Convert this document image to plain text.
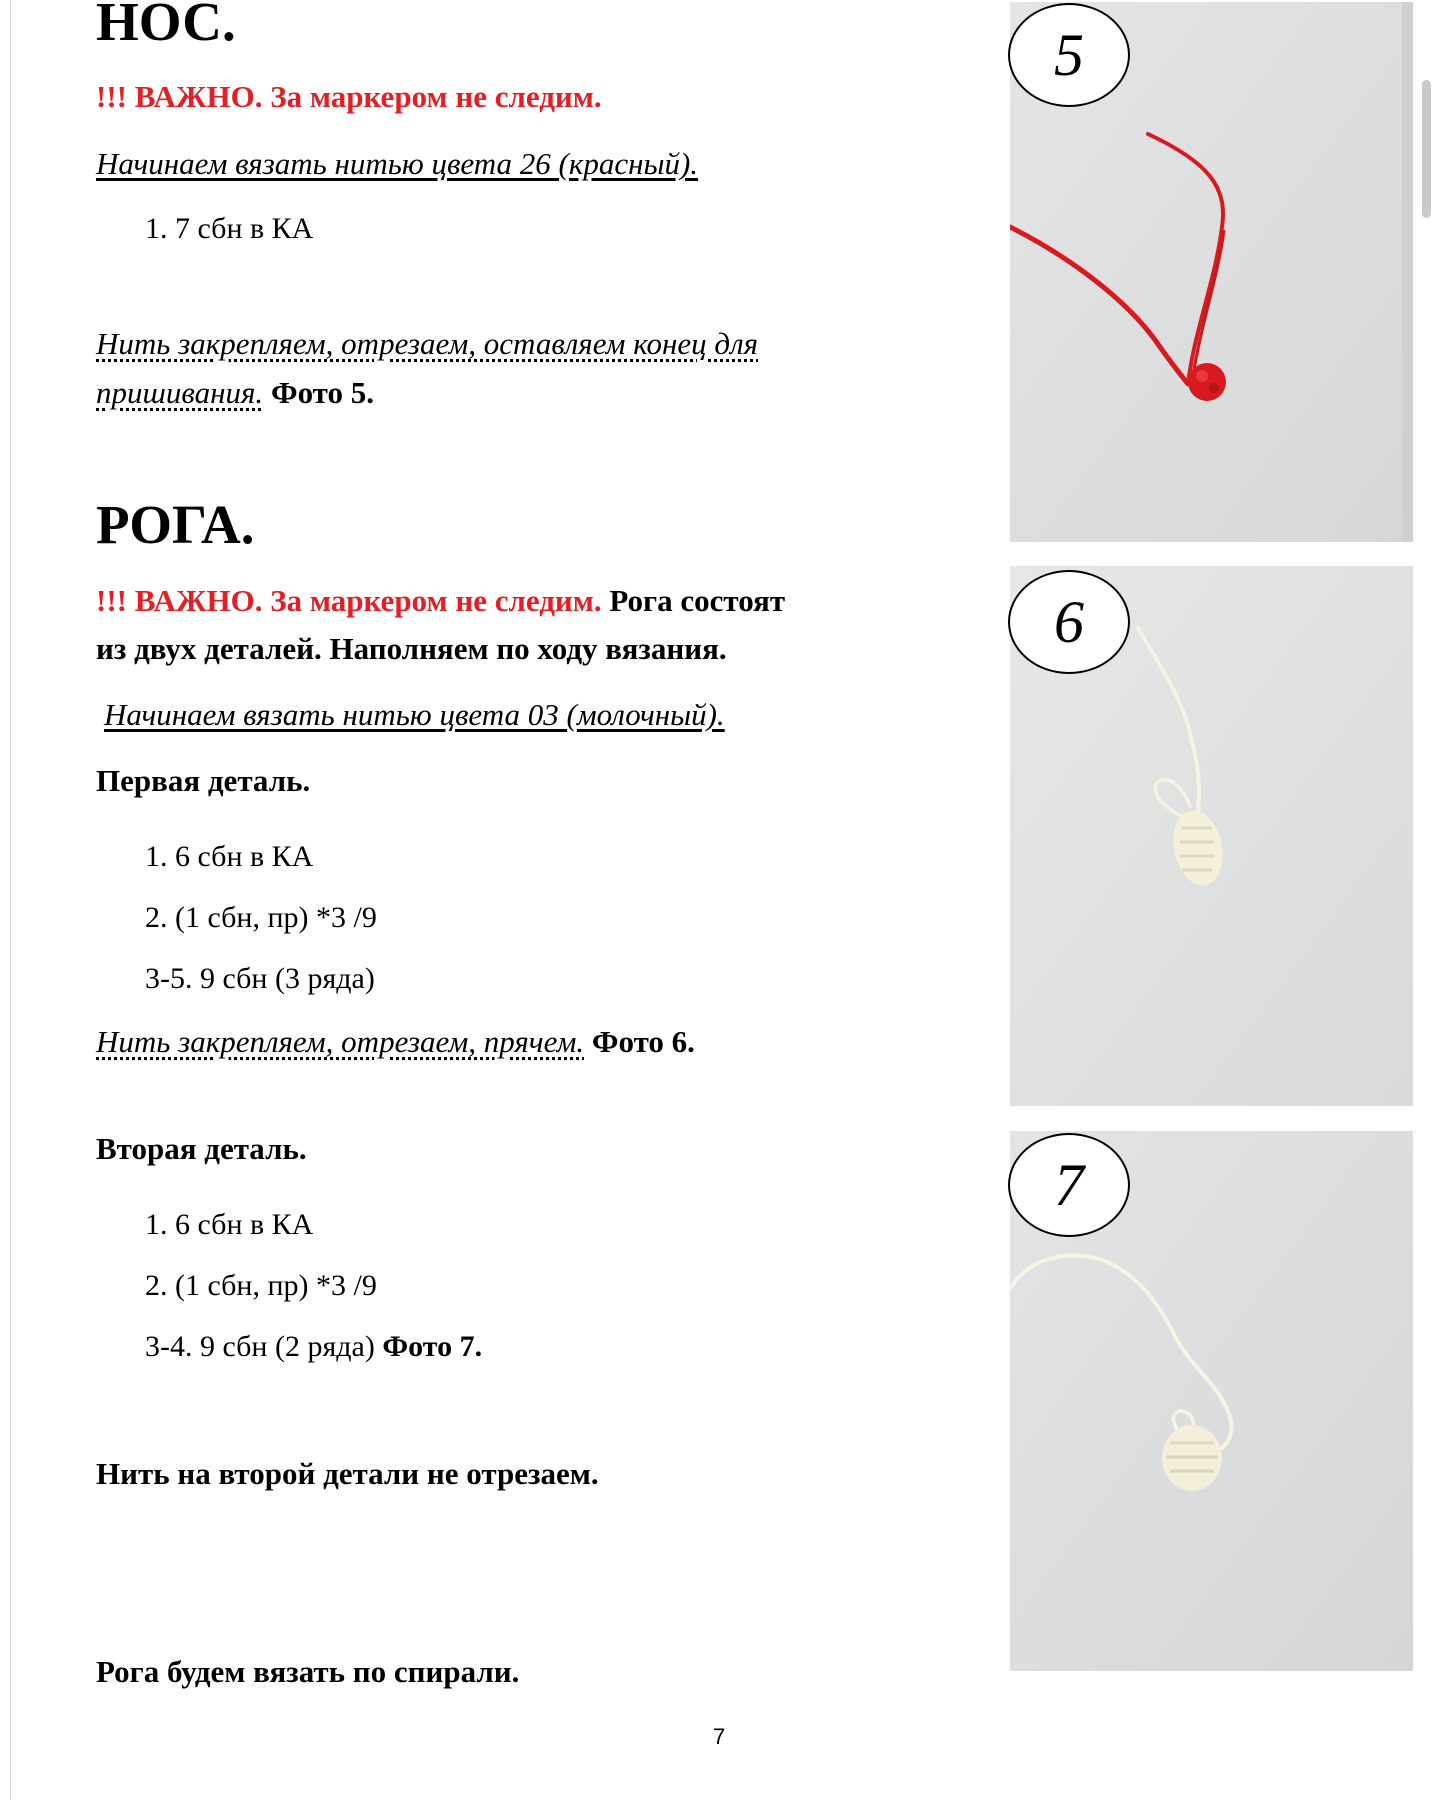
НОС.

!!! ВАЖНО. За маркером не следим.

Начинаем вязать нитью цвета 26 (красный).

1. 7 сбн в КА

Нить закрепляем, отрезаем, оставляем конец для

пришивания. Фото 5.

РОГА.

!!! ВАЖНО. За маркером не следим. Рога состоят

из двух деталей. Наполняем по ходу вязания.

Начинаем вязать нитью цвета 03 (молочный).

Первая деталь.

1. 6 сбн в КА

2. (1 сбн, пр) *3 /9

3-5. 9 сбн (3 ряда)

Нить закрепляем, отрезаем, прячем. Фото 6.

Вторая деталь.

1. 6 сбн в КА

2. (1 сбн, пр) *3 /9

3-4. 9 сбн (2 ряда) Фото 7.

Нить на второй детали не отрезаем.

Рога будем вязать по спирали.

7

5
6
7
